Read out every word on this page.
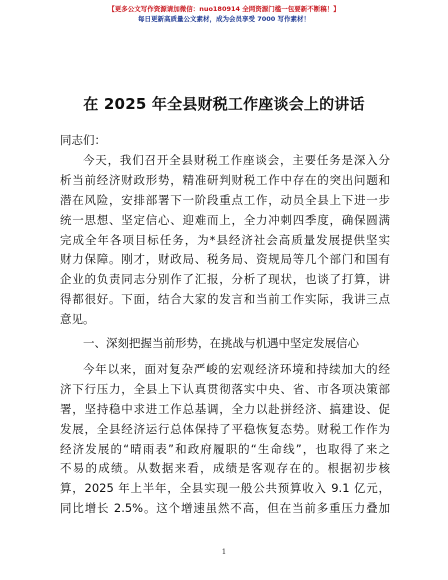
【更多公文写作资源请加微信：nuo180914 全网资源门槛一包要新不断稿！】
每日更新高质量公文素材，成为会员享受 7000 写作素材！
在 2025 年全县财税工作座谈会上的讲话
同志们：
今天，我们召开全县财税工作座谈会，主要任务是深入分
析当前经济财政形势，精准研判财税工作中存在的突出问题和
潜在风险，安排部署下一阶段重点工作，动员全县上下进一步
统一思想、坚定信心、迎难而上，全力冲刺四季度，确保圆满
完成全年各项目标任务，为*县经济社会高质量发展提供坚实
财力保障。刚才，财政局、税务局、资规局等几个部门和国有
企业的负责同志分别作了汇报，分析了现状，也谈了打算，讲
得都很好。下面，结合大家的发言和当前工作实际，我讲三点
意见。
一、深刻把握当前形势，在挑战与机遇中坚定发展信心
今年以来，面对复杂严峻的宏观经济环境和持续加大的经
济下行压力，全县上下认真贯彻落实中央、省、市各项决策部
署，坚持稳中求进工作总基调，全力以赴拼经济、搞建设、促
发展，全县经济运行总体保持了平稳恢复态势。财税工作作为
经济发展的“晴雨表”和政府履职的“生命线”，也取得了来之
不易的成绩。从数据来看，成绩是客观存在的。根据初步核
算，2025 年上半年，全县实现一般公共预算收入 9.1 亿元，
同比增长 2.5%。这个增速虽然不高，但在当前多重压力叠加
1
